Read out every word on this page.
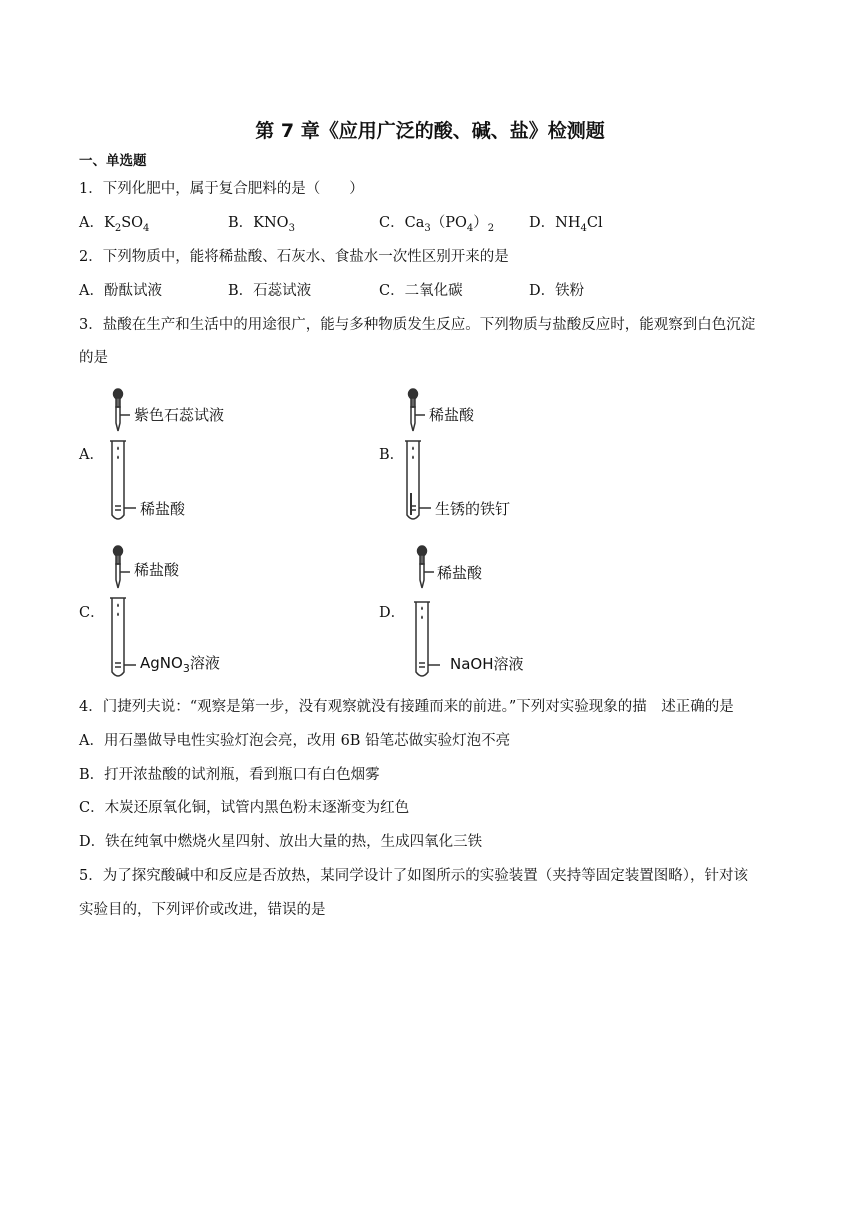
第 7 章《应用广泛的酸、碱、盐》检测题
一、单选题
1．下列化肥中，属于复合肥料的是（　　）
A．$K_2SO_4$	B．$KNO_3$	C．$Ca_3(PO_4)_2$ D．$NH_4Cl$
2．下列物质中，能将稀盐酸、石灰水、食盐水一次性区别开来的是
A．酚酞试液	B．石蕊试液	C．二氧化碳	D．铁粉
3．盐酸在生产和生活中的用途很广，能与多种物质发生反应。下列物质与盐酸反应时，能观察到白色沉淀
的是
A．
紫色石蕊试液
稀盐酸
B．
稀盐酸
生锈的铁钉
C．
稀盐酸
AgNO$_3$溶液
D．
稀盐酸
NaOH溶液
4．门捷列夫说：“观察是第一步，没有观察就没有接踵而来的前进。”下列对实验现象的描　述正确的是
A．用石墨做导电性实验灯泡会亮，改用 6B 铅笔芯做实验灯泡不亮
B．打开浓盐酸的试剂瓶，看到瓶口有白色烟雾
C．木炭还原氧化铜，试管内黑色粉末逐渐变为红色
D．铁在纯氧中燃烧火星四射、放出大量的热，生成四氧化三铁
5．为了探究酸碱中和反应是否放热，某同学设计了如图所示的实验装置（夹持等固定装置图略），针对该
实验目的，下列评价或改进，错误的是
